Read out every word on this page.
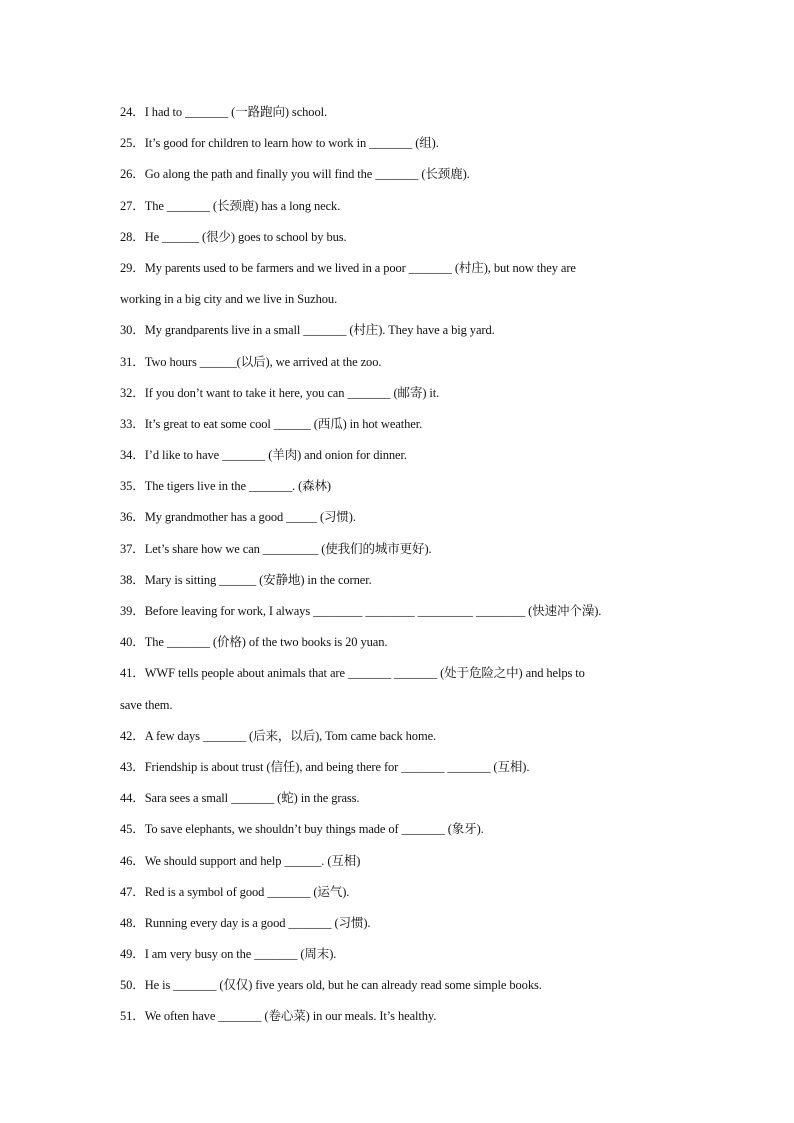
24．I had to _______ (一路跑向) school.
25．It’s good for children to learn how to work in _______ (组).
26．Go along the path and finally you will find the _______ (长颈鹿).
27．The _______ (长颈鹿) has a long neck.
28．He ______ (很少) goes to school by bus.
29．My parents used to be farmers and we lived in a poor _______ (村庄), but now they are
working in a big city and we live in Suzhou.
30．My grandparents live in a small _______ (村庄). They have a big yard.
31．Two hours ______(以后), we arrived at the zoo.
32．If you don’t want to take it here, you can _______ (邮寄) it.
33．It’s great to eat some cool ______ (西瓜) in hot weather.
34．I’d like to have _______ (羊肉) and onion for dinner.
35．The tigers live in the _______. (森林)
36．My grandmother has a good _____ (习惯).
37．Let’s share how we can _________ (使我们的城市更好).
38．Mary is sitting ______ (安静地) in the corner.
39．Before leaving for work, I always ________ ________ _________ ________ (快速冲个澡).
40．The _______ (价格) of the two books is 20 yuan.
41．WWF tells people about animals that are _______ _______ (处于危险之中) and helps to
save them.
42．A few days _______ (后来，以后), Tom came back home.
43．Friendship is about trust (信任), and being there for _______ _______ (互相).
44．Sara sees a small _______ (蛇) in the grass.
45．To save elephants, we shouldn’t buy things made of _______ (象牙).
46．We should support and help ______. (互相)
47．Red is a symbol of good _______ (运气).
48．Running every day is a good _______ (习惯).
49．I am very busy on the _______ (周末).
50．He is _______ (仅仅) five years old, but he can already read some simple books.
51．We often have _______ (卷心菜) in our meals. It’s healthy.
